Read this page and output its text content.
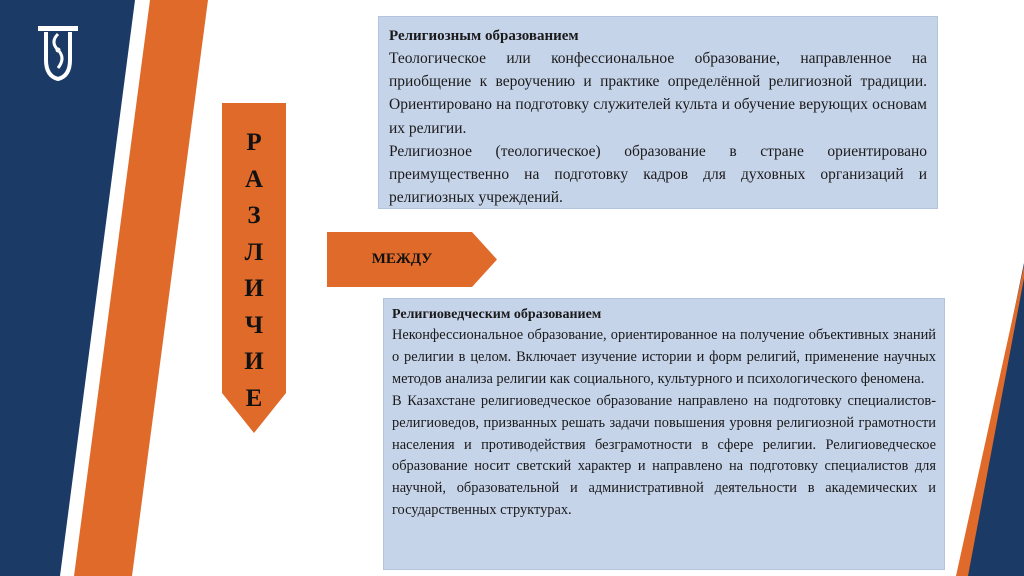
Р
А
З
Л
И
Ч
И
Е
МЕЖДУ
Религиозным образованием

Теологическое или конфессиональное образование, направленное на приобщение к вероучению и практике определённой религиозной традиции. Ориентировано на подготовку служителей культа и обучение верующих основам их религии.

Религиозное (теологическое) образование в стране ориентировано преимущественно на подготовку кадров для духовных организаций и религиозных учреждений.

Религиоведческим образованием

Неконфессиональное образование, ориентированное на получение объективных знаний о религии в целом. Включает изучение истории и форм религий, применение научных методов анализа религии как социального, культурного и психологического феномена.

В Казахстане религиоведческое образование направлено на подготовку специалистов-религиоведов, призванных решать задачи повышения уровня религиозной грамотности населения и противодействия безграмотности в сфере религии. Религиоведческое образование носит светский характер и направлено на подготовку специалистов для научной, образовательной и административной деятельности в академических и государственных структурах.
